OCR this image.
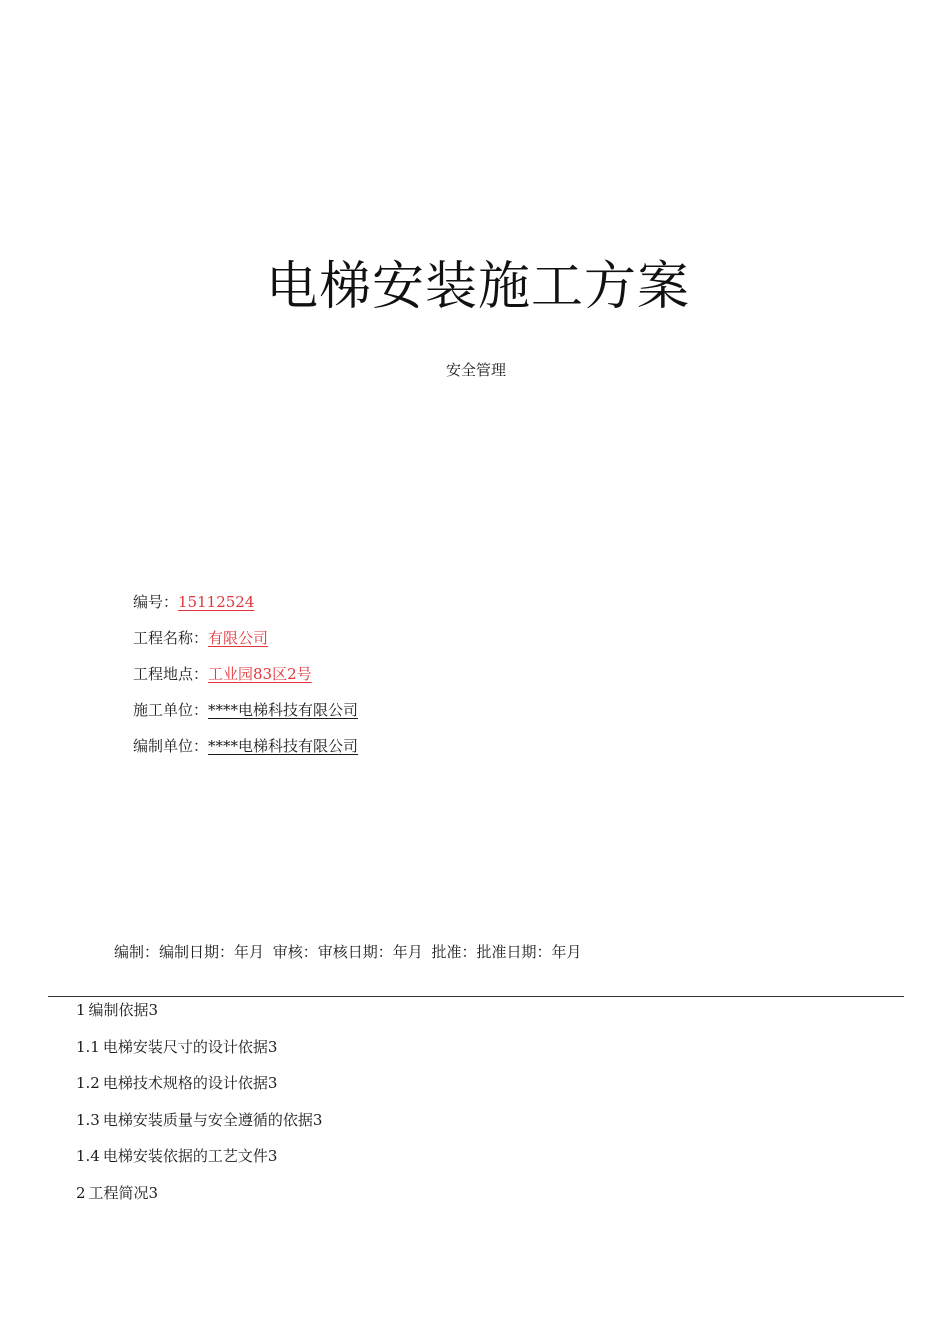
电梯安装施工方案
安全管理
编号：15112524
工程名称：有限公司
工程地点：工业园83区2号
施工单位：****电梯科技有限公司
编制单位：****电梯科技有限公司
编制：编制日期：年月 审核：审核日期：年月 批准：批准日期：年月
1 编制依据3
1.1 电梯安装尺寸的设计依据3
1.2 电梯技术规格的设计依据3
1.3 电梯安装质量与安全遵循的依据3
1.4 电梯安装依据的工艺文件3
2 工程简况3
